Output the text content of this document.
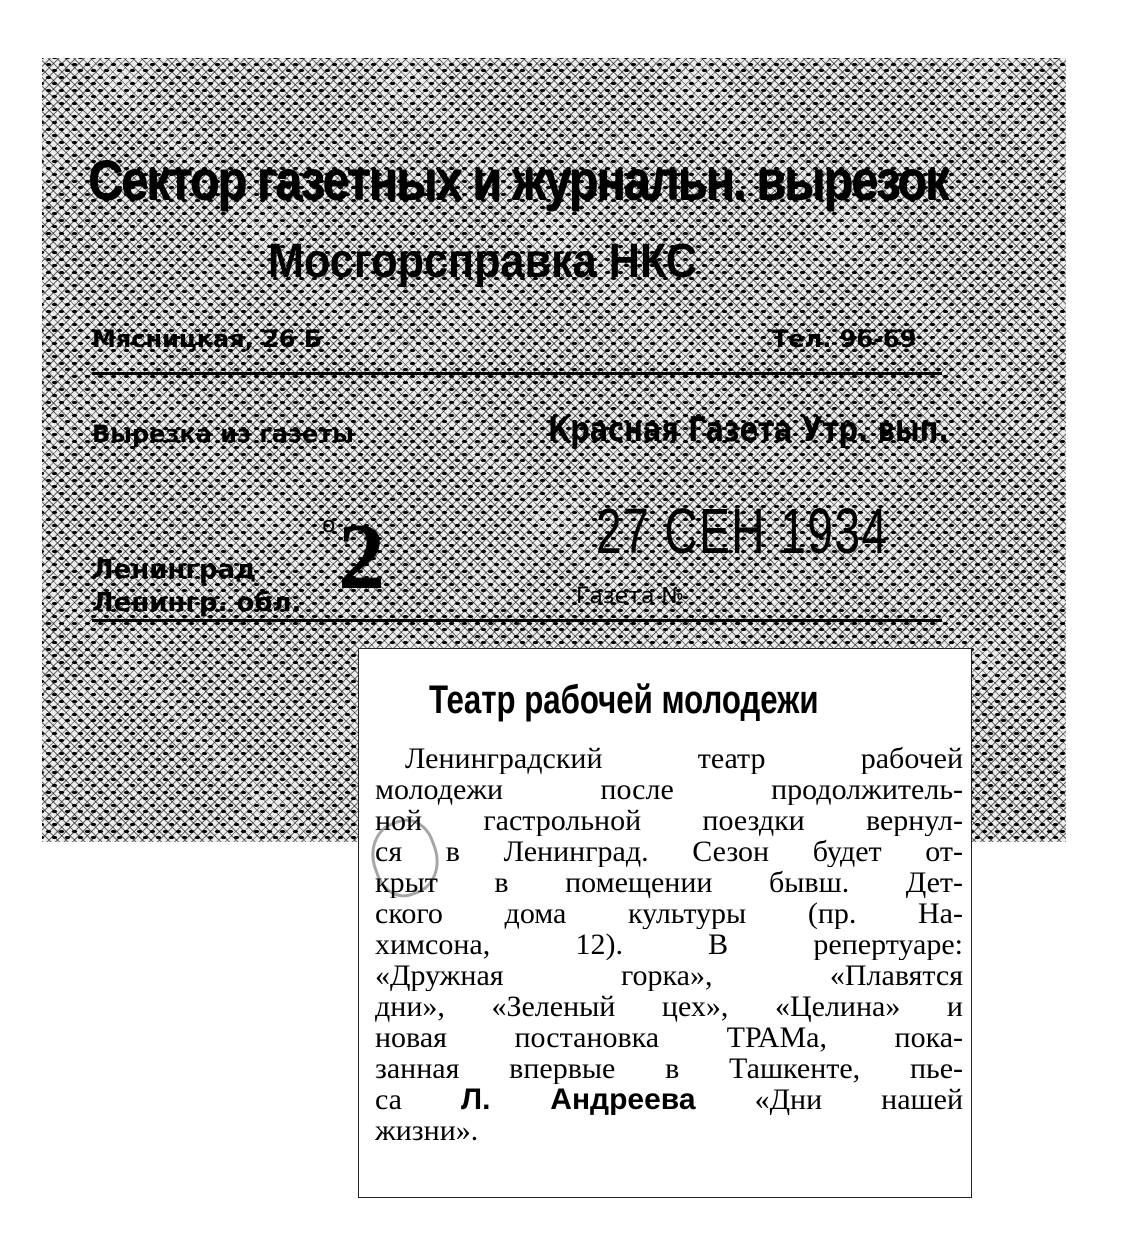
Сектор газетных и журнальн. вырезок
Мосгорсправка НКС
Мясницкая, 26 Б	Тел. 96-69
Вырезка из газеты	Красная Газета Утр. вып.
о 2
Ленинград
Ленингр. обл.
27 СЕН 1934
Газета №
Театр рабочей молодежи
Ленинградский театр рабочей
молодежи после продолжитель-
ной гастрольной поездки вернул-
ся в Ленинград. Сезон будет от-
крыт в помещении бывш. Дет-
ского дома культуры (пр. На-
химсона, 12). В репертуаре:
«Дружная горка», «Плавятся
дни», «Зеленый цех», «Целина» и
новая постановка ТРАМа, пока-
занная впервые в Ташкенте, пье-
са Л. Андреева «Дни нашей
жизни».
